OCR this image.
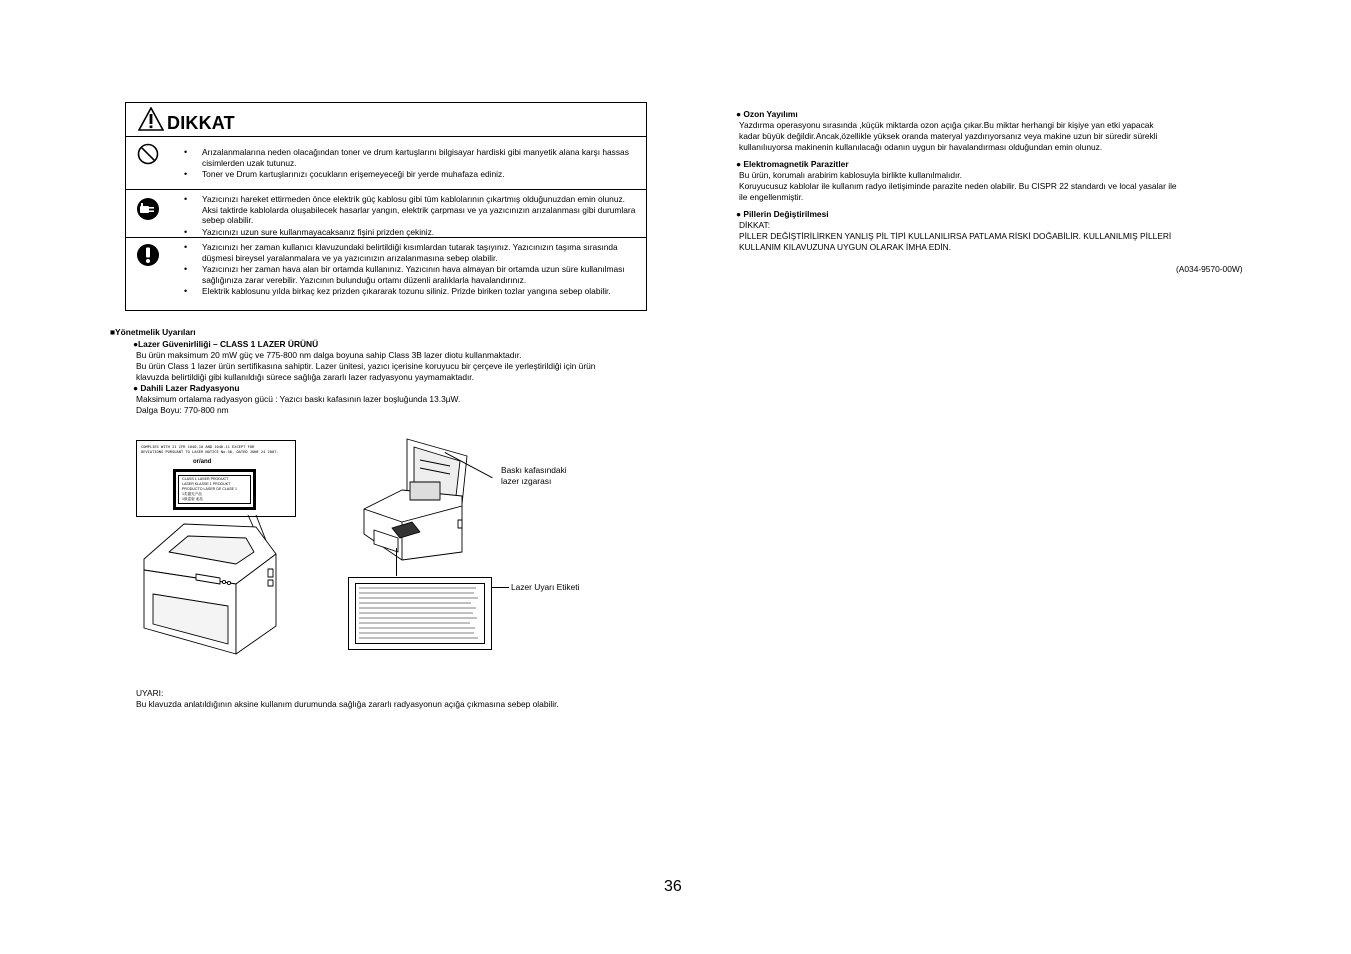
DIKKAT
• Arızalanmalarına neden olacağından toner ve drum kartuşlarını bilgisayar hardiski gibi manyetik alana karşı hassas cisimlerden uzak tutunuz.
• Toner ve Drum kartuşlarınızı çocukların erişemeyeceği bir yerde muhafaza ediniz.
• Yazıcınızı hareket ettirmeden önce elektrik güç kablosu gibi tüm kablolarının çıkartmış olduğunuzdan emin olunuz. Aksi taktirde kablolarda oluşabilecek hasarlar yangın, elektrik çarpması ve ya yazıcınızın arızalanması gibi durumlara sebep olabilir.
• Yazıcınızı uzun sure kullanmayacaksanız fişini prizden çekiniz.
• Yazıcınızı her zaman kullanıcı klavuzundaki belirtildiği kısımlardan tutarak taşıyınız. Yazıcınızın taşıma sırasında düşmesi bireysel yaralanmalara ve ya yazıcınızın arızalanmasına sebep olabilir.
• Yazıcınızı her zaman hava alan bir ortamda kullanınız. Yazıcının hava almayan bir ortamda uzun süre kullanılması sağlığınıza zarar verebilir. Yazıcının bulunduğu ortamı düzenli aralıklarla havalandırınız.
• Elektrik kablosunu yılda birkaç kez prizden çıkararak tozunu siliniz. Prizde biriken tozlar yangına sebep olabilir.
■Yönetmelik Uyarıları
●Lazer Güvenirliliği – CLASS 1 LAZER ÜRÜNÜ
Bu ürün maksimum 20 mW güç ve 775-800 nm dalga boyuna sahip Class 3B lazer diotu kullanmaktadır.
Bu ürün Class 1 lazer ürün sertifikasına sahiptir. Lazer ünitesi, yazıcı içerisine koruyucu bir çerçeve ile yerleştirildiği için ürün
klavuzda belirtildiği gibi kullanıldığı sürece sağlığa zararlı lazer radyasyonu yaymamaktadır.
● Dahili Lazer Radyasyonu
Maksimum ortalama radyasyon gücü : Yazıcı baskı kafasının lazer boşluğunda 13.3µW.
Dalga Boyu: 770-800 nm
COMPLIES WITH 21 CFR 1040.10 AND 1040.11 EXCEPT FOR
DEVIATIONS PURSUANT TO LASER NOTICE No.50, DATED JUNE 24 2007.
or/and
CLASS 1 LASER PRODUCT
LASER KLASSE 1 PRODUKT
PRODUCTO LASER DE CLASE 1
1类激光产品
1級雷射 產品
Baskı kafasındaki
lazer ızgarası
Lazer Uyarı Etiketi
UYARI:
Bu klavuzda anlatıldığının aksine kullanım durumunda sağlığa zararlı radyasyonun açığa çıkmasına sebep olabilir.
● Ozon Yayılımı
Yazdırma operasyonu sırasında ,küçük miktarda ozon açığa çıkar.Bu miktar herhangi bir kişiye yan etki yapacak
kadar büyük değildir.Ancak,özellikle yüksek oranda materyal yazdırıyorsanız veya makine uzun bir süredir sürekli
kullanılıuyorsa makinenin kullanılacağı odanın uygun bir havalandırması olduğundan emin olunuz.
● Elektromagnetik Parazitler
Bu ürün, korumalı arabirim kablosuyla birlikte kullanılmalıdır.
Koruyucusuz kablolar ile kullanım radyo iletişiminde parazite neden olabilir. Bu CISPR 22 standardı ve local yasalar ile
ile engellenmiştir.
● Pillerin Değiştirilmesi
DİKKAT:
PİLLER DEĞİŞTİRİLİRKEN YANLIŞ PİL TİPİ KULLANILIRSA PATLAMA RİSKİ DOĞABİLİR. KULLANILMIŞ PİLLERİ
KULLANIM KILAVUZUNA UYGUN OLARAK İMHA EDİN.
(A034-9570-00W)
36
